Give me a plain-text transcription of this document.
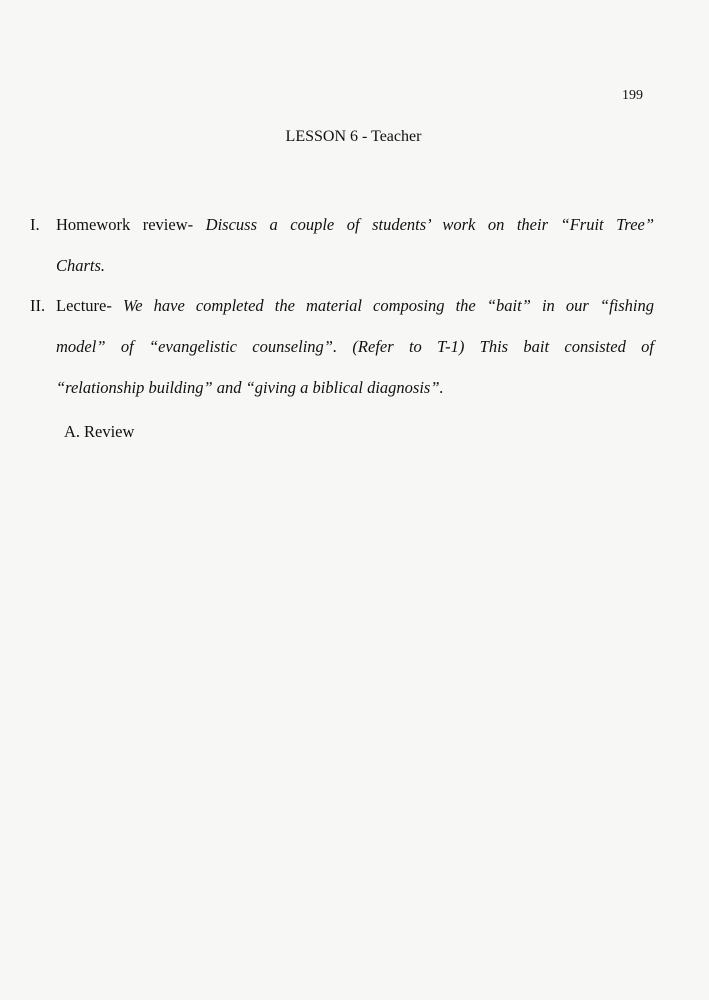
199
LESSON 6 - Teacher
I. Homework review- Discuss a couple of students’ work on their “Fruit Tree”
Charts.
II. Lecture- We have completed the material composing the “bait” in our “fishing
model” of “evangelistic counseling”. (Refer to T-1) This bait consisted of
“relationship building” and “giving a biblical diagnosis”.
A. Review
